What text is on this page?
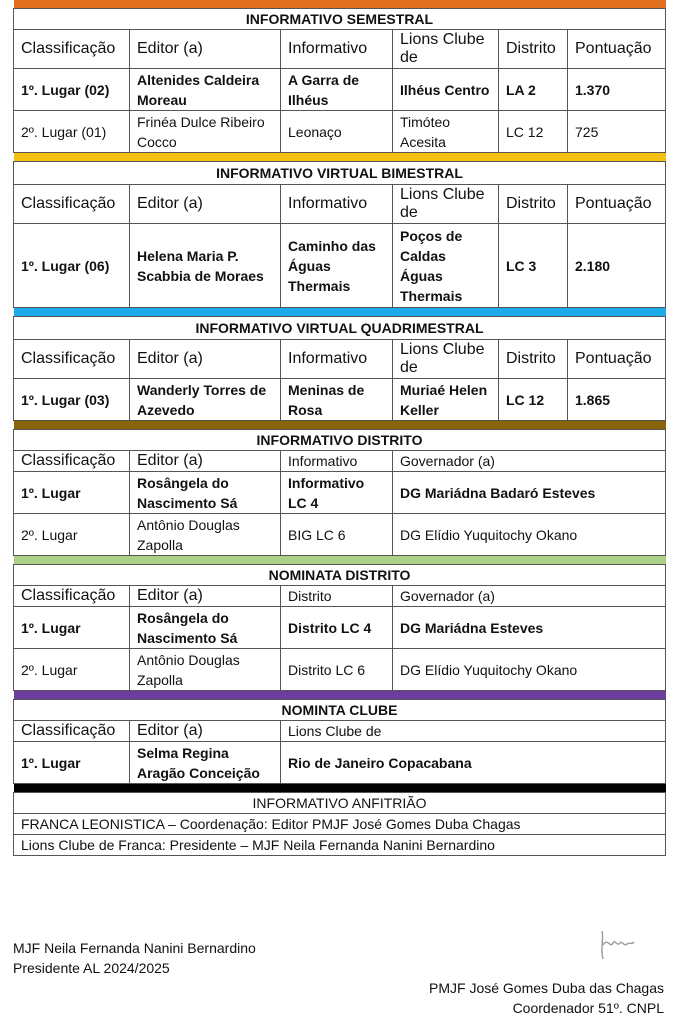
INFORMATIVO SEMESTRAL					
Classificação	Editor (a)	Informativo	Lions Clube de	Distrito	Pontuação
1º. Lugar (02)	Altenides Caldeira Moreau	A Garra de Ilhéus	Ilhéus Centro	LA 2	1.370
2º. Lugar (01)	Frinéa Dulce Ribeiro Cocco	Leonaço	Timóteo Acesita	LC 12	725

INFORMATIVO VIRTUAL BIMESTRAL					
Classificação	Editor (a)	Informativo	Lions Clube de	Distrito	Pontuação
1º. Lugar (06)	Helena Maria P. Scabbia de Moraes	Caminho das Águas Thermais	Poços de Caldas Águas Thermais	LC 3	2.180

INFORMATIVO VIRTUAL QUADRIMESTRAL					
Classificação	Editor (a)	Informativo	Lions Clube de	Distrito	Pontuação
1º. Lugar (03)	Wanderly Torres de Azevedo	Meninas de Rosa	Muriaé Helen Keller	LC 12	1.865

INFORMATIVO DISTRITO					
Classificação	Editor (a)	Informativo	Governador (a)		
1º. Lugar	Rosângela do Nascimento Sá	Informativo LC 4	DG Mariádna Badaró Esteves		
2º. Lugar	Antônio Douglas Zapolla	BIG LC 6	DG Elídio Yuquitochy Okano		

NOMINATA DISTRITO					
Classificação	Editor (a)	Distrito	Governador (a)		
1º. Lugar	Rosângela do Nascimento Sá	Distrito LC 4	DG Mariádna Esteves		
2º. Lugar	Antônio Douglas Zapolla	Distrito LC 6	DG Elídio Yuquitochy Okano		

NOMINTA CLUBE					
Classificação	Editor (a)	Lions Clube de			
1º. Lugar	Selma Regina Aragão Conceição	Rio de Janeiro Copacabana			

INFORMATIVO ANFITRIÃO					
FRANCA LEONISTICA – Coordenação: Editor PMJF José Gomes Duba Chagas					
Lions Clube de Franca: Presidente – MJF Neila Fernanda Nanini Bernardino					
MJF Neila Fernanda Nanini Bernardino
Presidente AL 2024/2025
PMJF José Gomes Duba das Chagas
Coordenador 51º. CNPL
